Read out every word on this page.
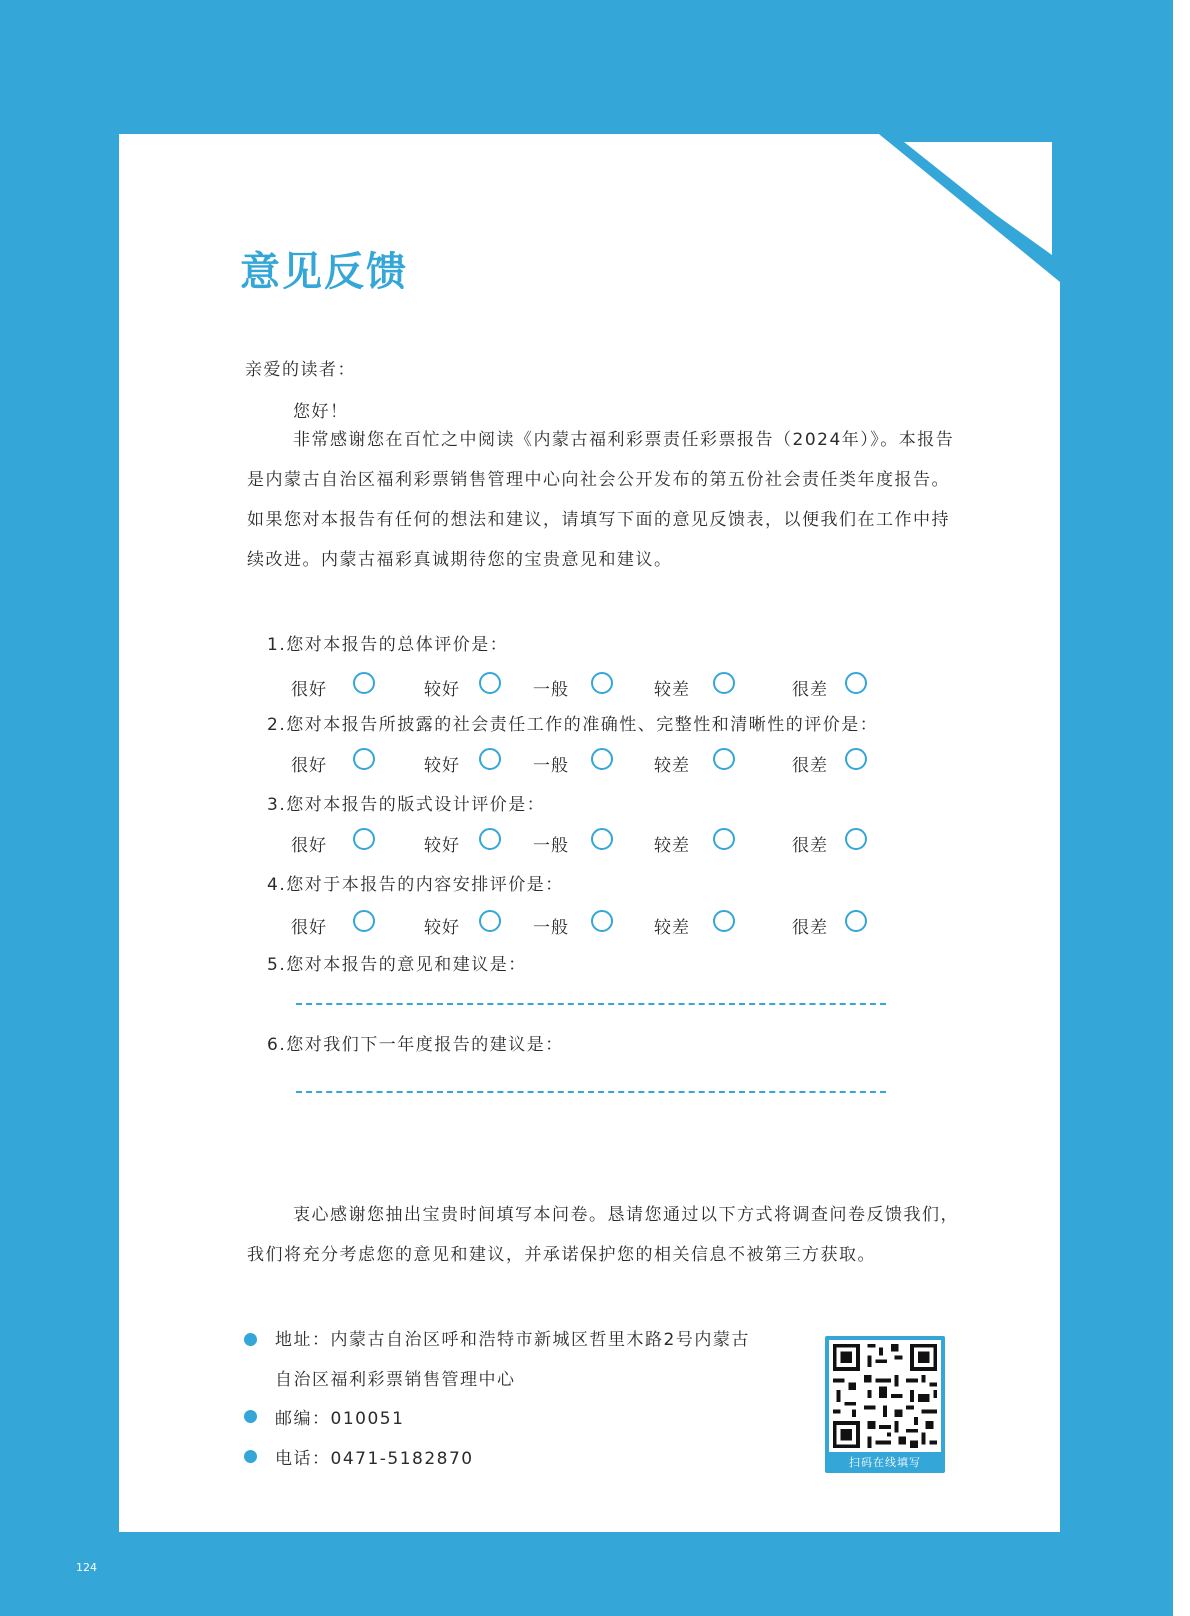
意见反馈

亲爱的读者：

您好！

非常感谢您在百忙之中阅读《内蒙古福利彩票责任彩票报告（2024年）》。本报告是内蒙古自治区福利彩票销售管理中心向社会公开发布的第五份社会责任类年度报告。如果您对本报告有任何的想法和建议，请填写下面的意见反馈表，以便我们在工作中持续改进。内蒙古福彩真诚期待您的宝贵意见和建议。

1.您对本报告的总体评价是：
很好	较好	一般	较差	很差
2.您对本报告所披露的社会责任工作的准确性、完整性和清晰性的评价是：
很好	较好	一般	较差	很差
3.您对本报告的版式设计评价是：
很好	较好	一般	较差	很差
4.您对于本报告的内容安排评价是：
很好	较好	一般	较差	很差
5.您对本报告的意见和建议是：
6.您对我们下一年度报告的建议是：

衷心感谢您抽出宝贵时间填写本问卷。恳请您通过以下方式将调查问卷反馈我们，我们将充分考虑您的意见和建议，并承诺保护您的相关信息不被第三方获取。

地址：内蒙古自治区呼和浩特市新城区哲里木路2号内蒙古
自治区福利彩票销售管理中心
邮编：010051
电话：0471-5182870	扫码在线填写
124
